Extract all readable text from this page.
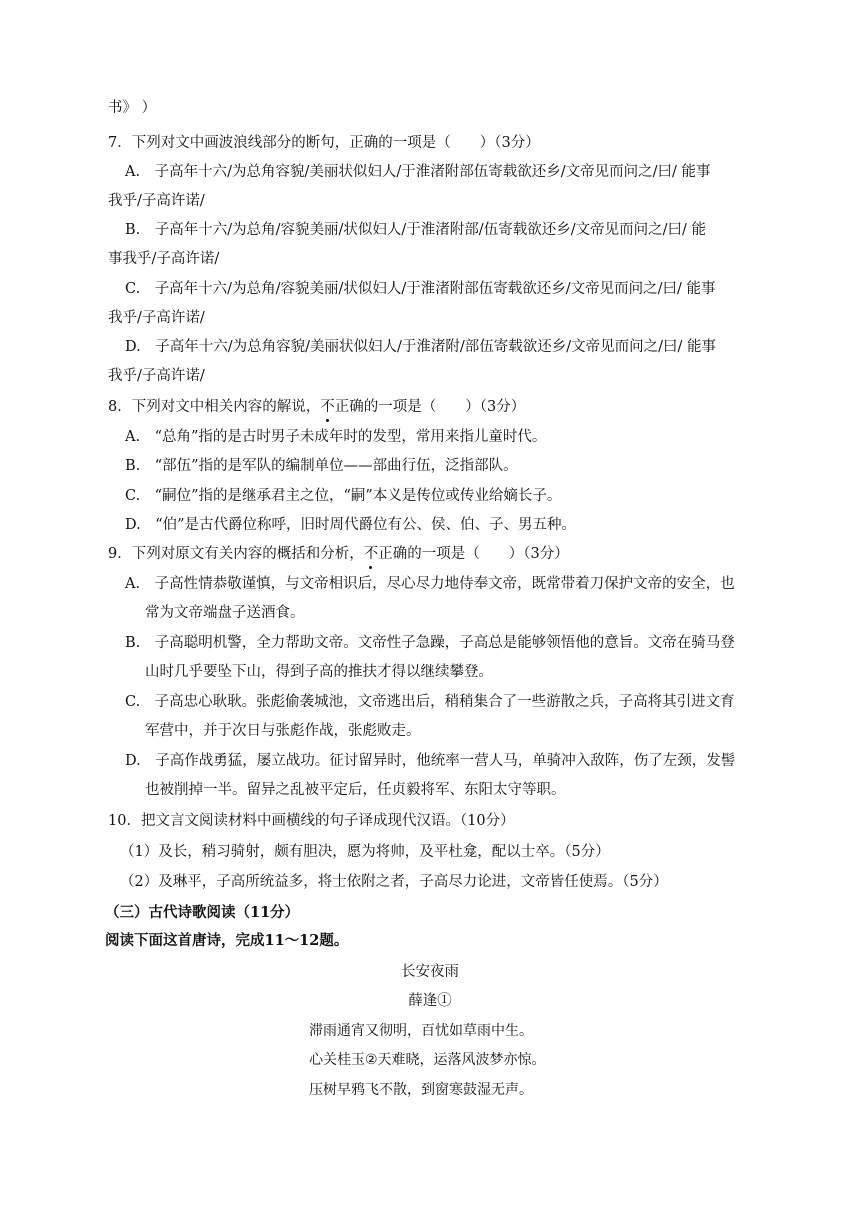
书》 ）
7．下列对文中画波浪线部分的断句，正确的一项是（　　）（3分）
A.　子高年十六/为总角容貌/美丽状似妇人/于淮渚附部伍寄载欲还乡/文帝见而问之/曰/ 能事
我乎/子高许诺/
B.　子高年十六/为总角/容貌美丽/状似妇人/于淮渚附部/伍寄载欲还乡/文帝见而问之/曰/ 能
事我乎/子高许诺/
C.　子高年十六/为总角/容貌美丽/状似妇人/于淮渚附部伍寄载欲还乡/文帝见而问之/曰/ 能事
我乎/子高许诺/
D.　子高年十六/为总角容貌/美丽状似妇人/于淮渚附/部伍寄载欲还乡/文帝见而问之/曰/ 能事
我乎/子高许诺/
8．下列对文中相关内容的解说，不正确的一项是（　　）（3分）
A.　“总角”指的是古时男子未成年时的发型，常用来指儿童时代。
B.　“部伍”指的是军队的编制单位——部曲行伍，泛指部队。
C.　“嗣位”指的是继承君主之位，“嗣”本义是传位或传业给嫡长子。
D.　“伯”是古代爵位称呼，旧时周代爵位有公、侯、伯、子、男五种。
9．下列对原文有关内容的概括和分析，不正确的一项是（　　）（3分）
A.　子高性情恭敬谨慎，与文帝相识后，尽心尽力地侍奉文帝，既常带着刀保护文帝的安全，也
常为文帝端盘子送酒食。
B.　子高聪明机警，全力帮助文帝。文帝性子急躁，子高总是能够领悟他的意旨。文帝在骑马登
山时几乎要坠下山，得到子高的推扶才得以继续攀登。
C.　子高忠心耿耿。张彪偷袭城池，文帝逃出后，稍稍集合了一些游散之兵，子高将其引进文育
军营中，并于次日与张彪作战，张彪败走。
D.　子高作战勇猛，屡立战功。征讨留异时，他统率一营人马，单骑冲入敌阵，伤了左颈，发髻
也被削掉一半。留异之乱被平定后，任贞毅将军、东阳太守等职。
10．把文言文阅读材料中画横线的句子译成现代汉语。（10分）
（1）及长，稍习骑射，颇有胆决，愿为将帅，及平杜龛，配以士卒。（5分）
（2）及琳平，子高所统益多，将士依附之者，子高尽力论进，文帝皆任使焉。（5分）
（三）古代诗歌阅读（11分）
阅读下面这首唐诗，完成11～12题。
长安夜雨
薛逢①
滞雨通宵又彻明，百忧如草雨中生。
心关桂玉②天难晓，运落风波梦亦惊。
压树早鸦飞不散，到窗寒鼓湿无声。
